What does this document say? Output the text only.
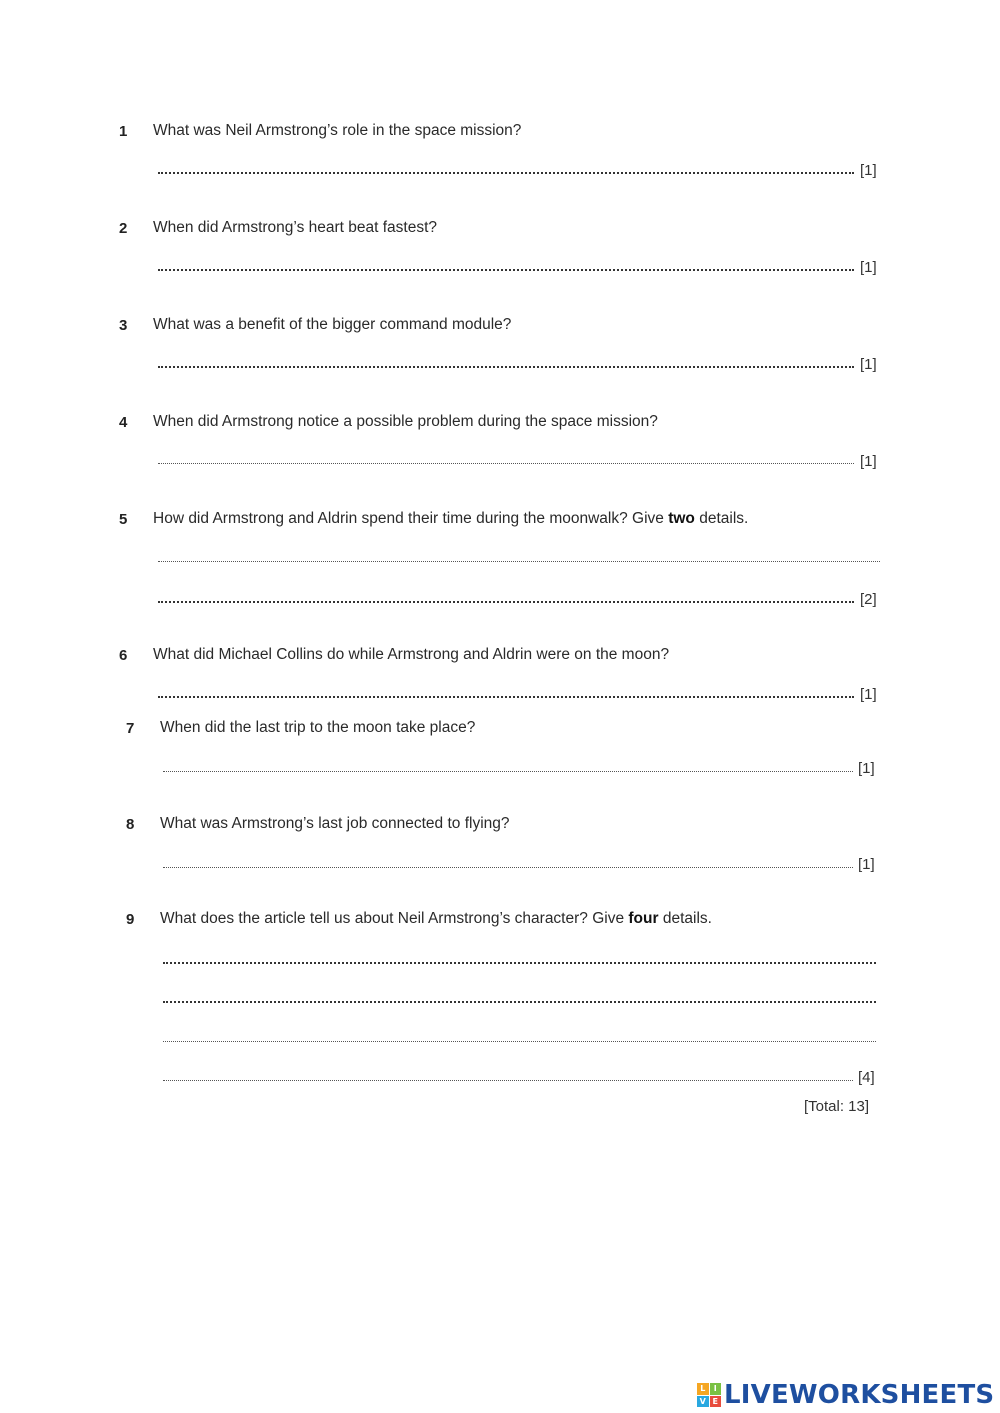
1 What was Neil Armstrong’s role in the space mission?
[1]
2 When did Armstrong’s heart beat fastest?
[1]
3 What was a benefit of the bigger command module?
[1]
4 When did Armstrong notice a possible problem during the space mission?
[1]
5 How did Armstrong and Aldrin spend their time during the moonwalk? Give two details.
[2]
6 What did Michael Collins do while Armstrong and Aldrin were on the moon?
[1]
7 When did the last trip to the moon take place?
[1]
8 What was Armstrong’s last job connected to flying?
[1]
9 What does the article tell us about Neil Armstrong’s character? Give four details.
[4]
[Total: 13]
L	I
V E LIVEWORKSHEETS
